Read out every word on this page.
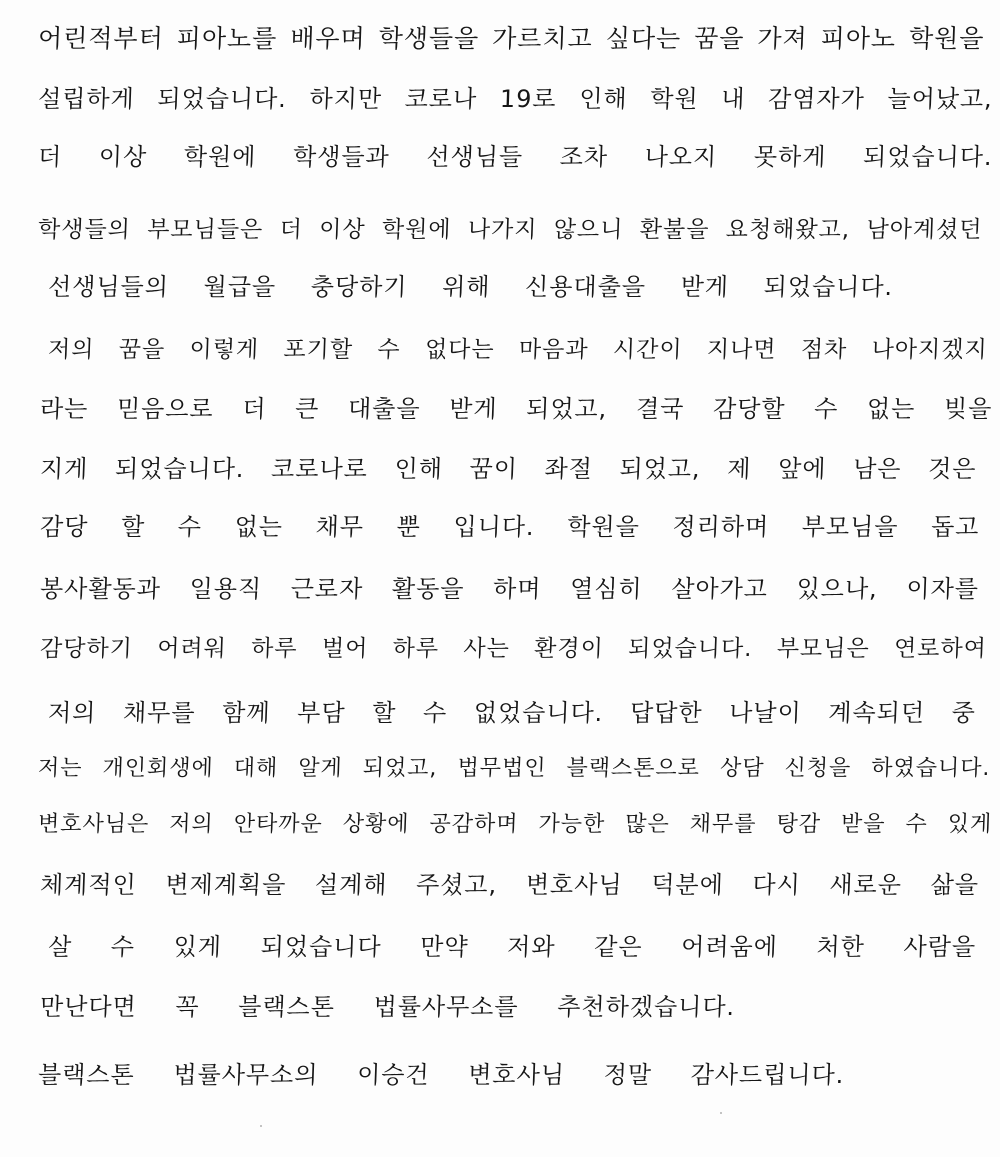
어린적부터 피아노를 배우며 학생들을 가르치고 싶다는 꿈을 가져 피아노 학원을

설립하게 되었습니다. 하지만 코로나 19로 인해 학원 내 감염자가 늘어났고,

더 이상 학원에 학생들과 선생님들 조차 나오지 못하게 되었습니다.

학생들의 부모님들은 더 이상 학원에 나가지 않으니 환불을 요청해왔고, 남아계셨던

선생님들의 월급을 충당하기 위해 신용대출을 받게 되었습니다.

저의 꿈을 이렇게 포기할 수 없다는 마음과 시간이 지나면 점차 나아지겠지

라는 믿음으로 더 큰 대출을 받게 되었고, 결국 감당할 수 없는 빚을

지게 되었습니다. 코로나로 인해 꿈이 좌절 되었고, 제 앞에 남은 것은

감당 할 수 없는 채무 뿐 입니다. 학원을 정리하며 부모님을 돕고

봉사활동과 일용직 근로자 활동을 하며 열심히 살아가고 있으나, 이자를

감당하기 어려워 하루 벌어 하루 사는 환경이 되었습니다. 부모님은 연로하여

저의 채무를 함께 부담 할 수 없었습니다. 답답한 나날이 계속되던 중

저는 개인회생에 대해 알게 되었고, 법무법인 블랙스톤으로 상담 신청을 하였습니다.

변호사님은 저의 안타까운 상황에 공감하며 가능한 많은 채무를 탕감 받을 수 있게

체계적인 변제계획을 설계해 주셨고, 변호사님 덕분에 다시 새로운 삶을

살 수 있게 되었습니다 만약 저와 같은 어려움에 처한 사람을

만난다면 꼭 블랙스톤 법률사무소를 추천하겠습니다.

블랙스톤 법률사무소의 이승건 변호사님 정말 감사드립니다.
